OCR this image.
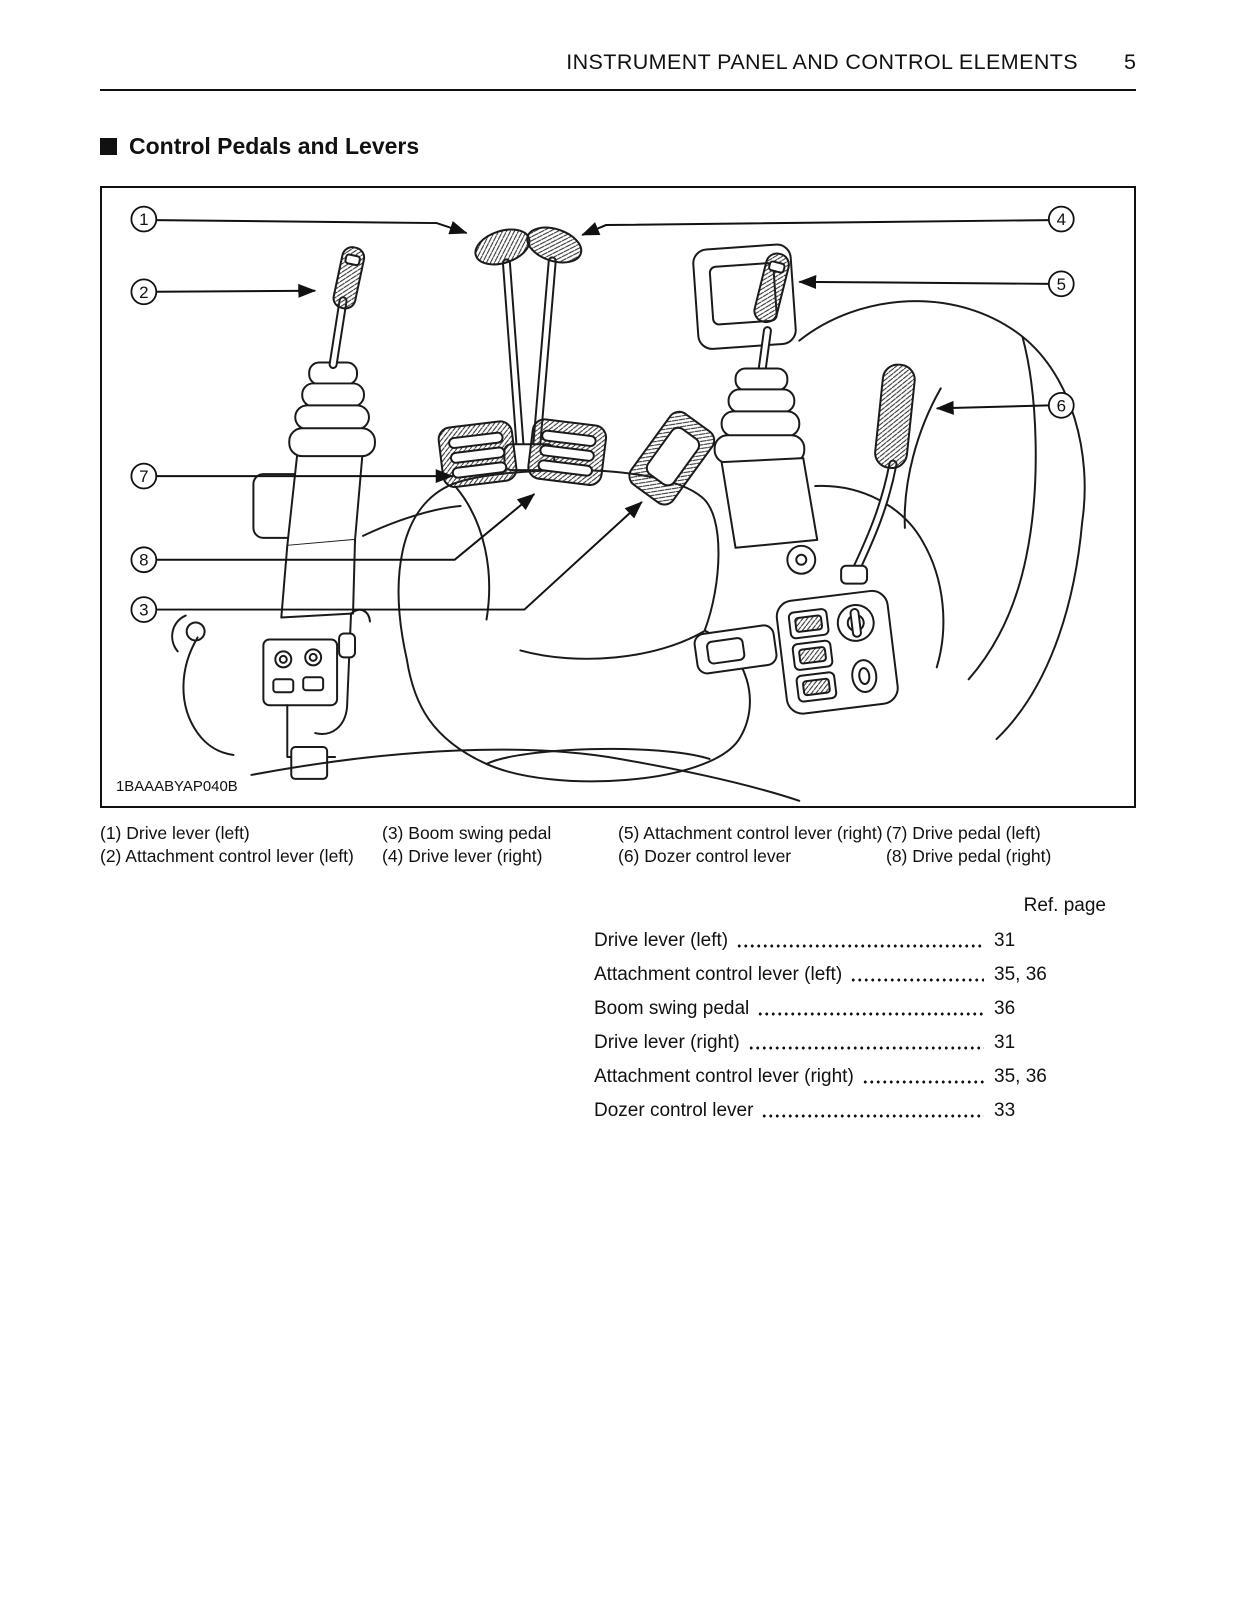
INSTRUMENT PANEL AND CONTROL ELEMENTS 5
Control Pedals and Levers
1
2
7
8
3
4
5
6
1BAAABYAP040B
(1) Drive lever (left)
(2) Attachment control lever (left)
(3) Boom swing pedal
(4) Drive lever (right)
(5) Attachment control lever (right)
(6) Dozer control lever
(7) Drive pedal (left)
(8) Drive pedal (right)
Ref. page
Drive lever (left)	31
Attachment control lever (left)	35, 36
Boom swing pedal	36
Drive lever (right)	31
Attachment control lever (right)	35, 36
Dozer control lever	33
